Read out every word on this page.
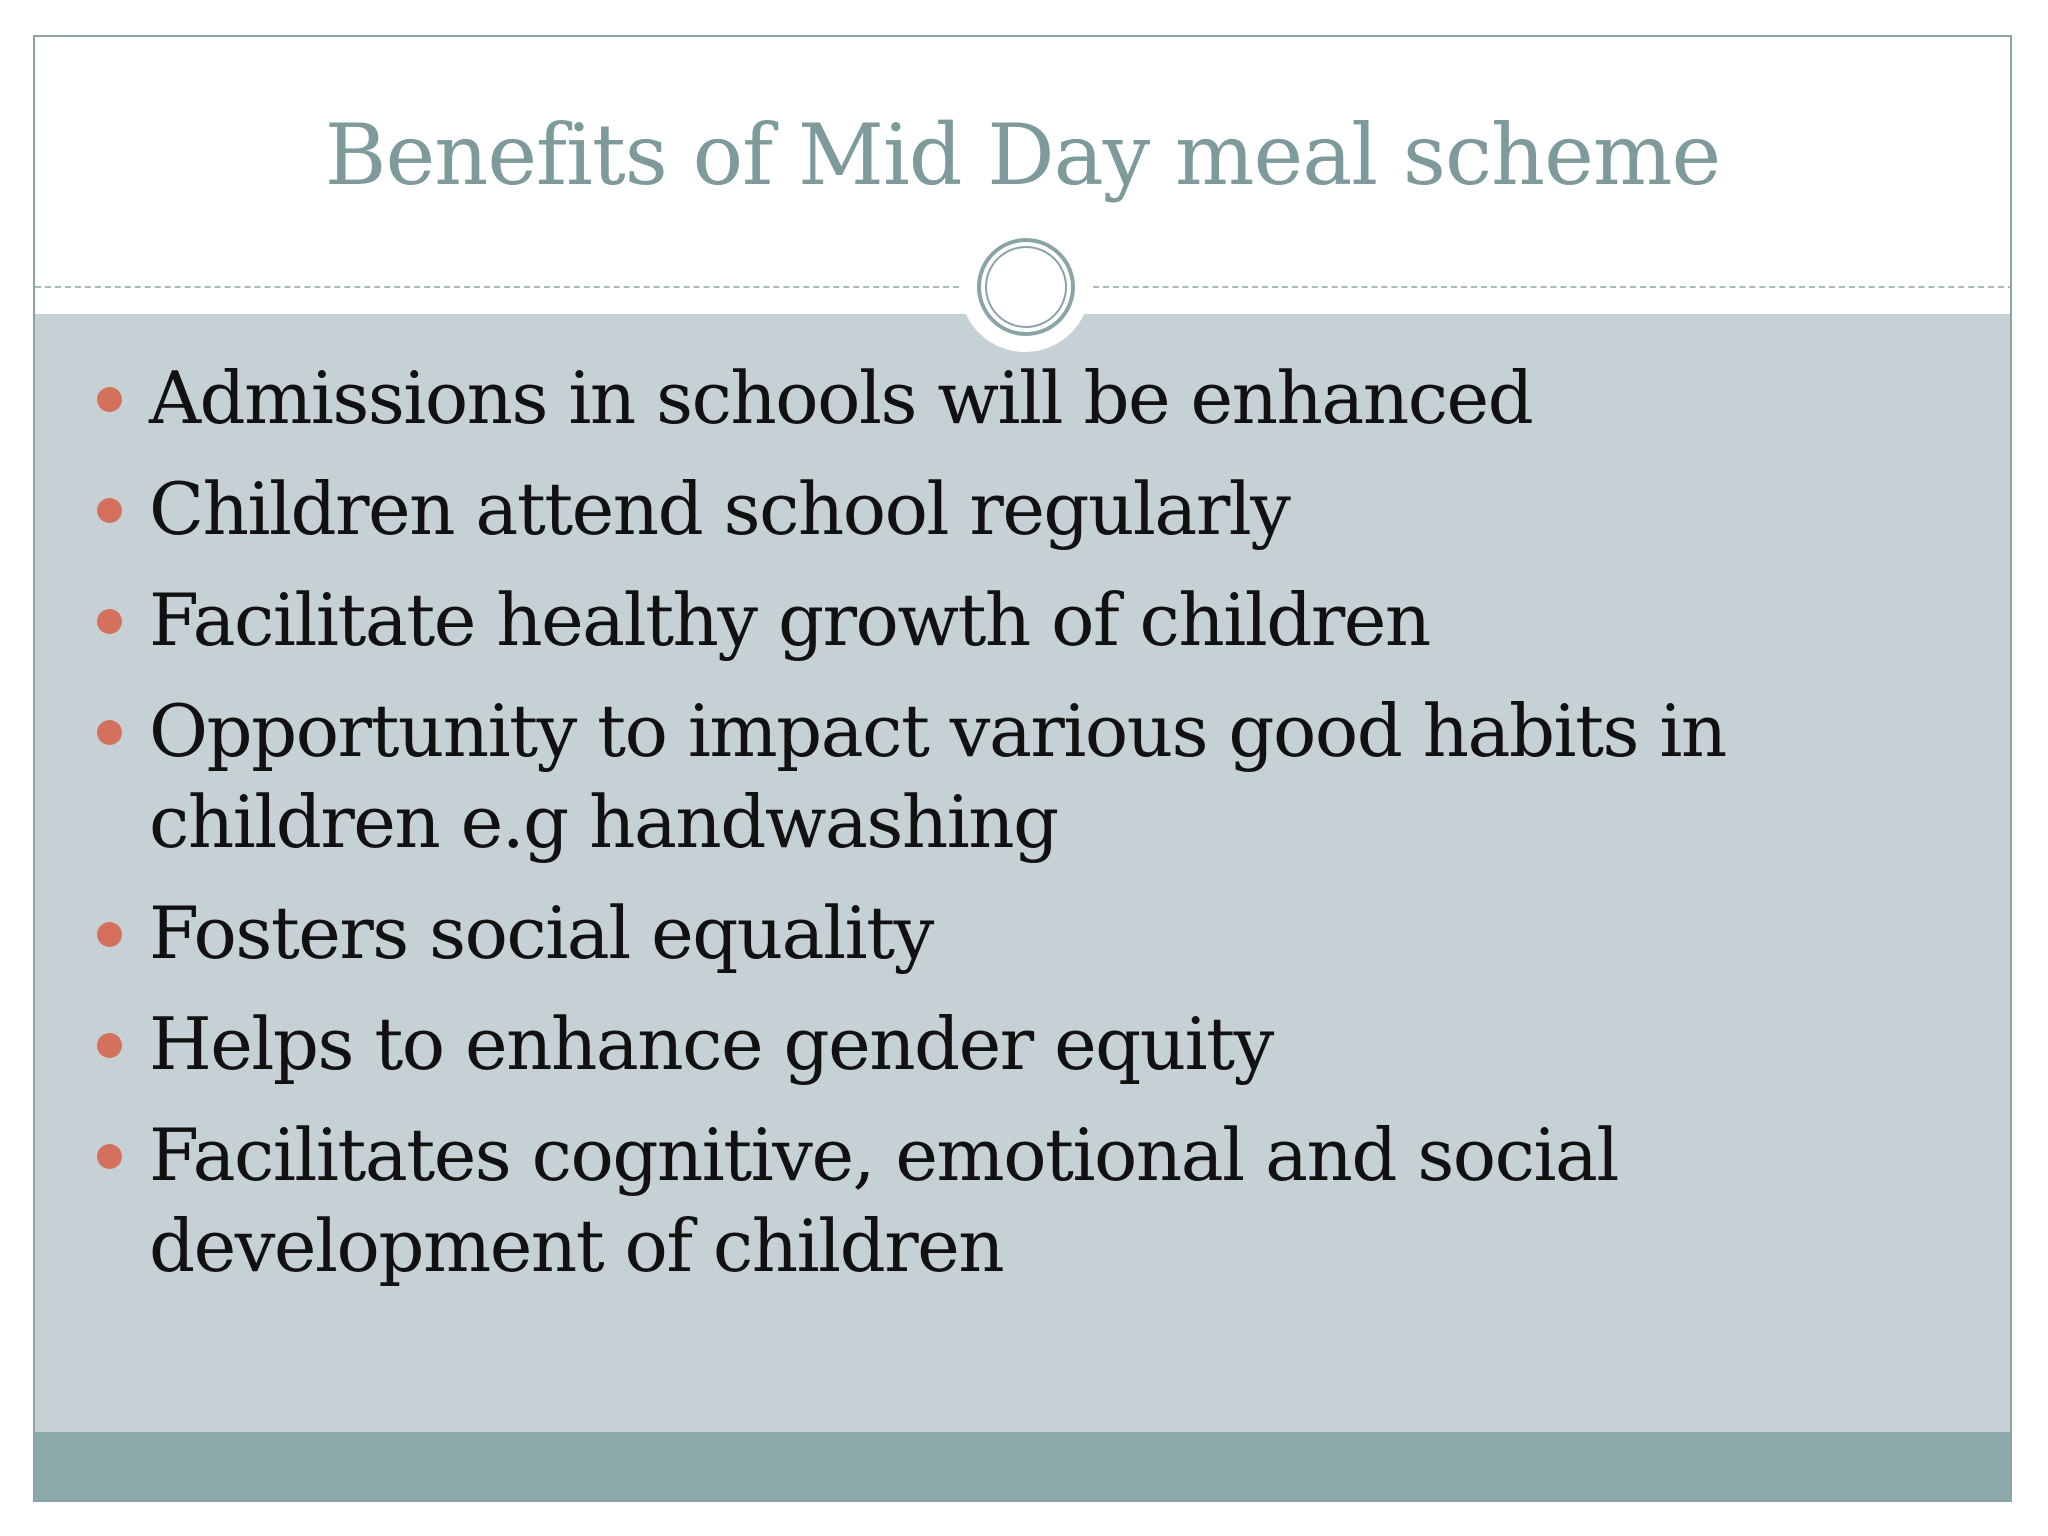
Benefits of Mid Day meal scheme
Admissions in schools will be enhanced
Children attend school regularly
Facilitate healthy growth of children
Opportunity to impact various good habits in children e.g handwashing
Fosters social equality
Helps to enhance gender equity
Facilitates cognitive, emotional and social development of children
